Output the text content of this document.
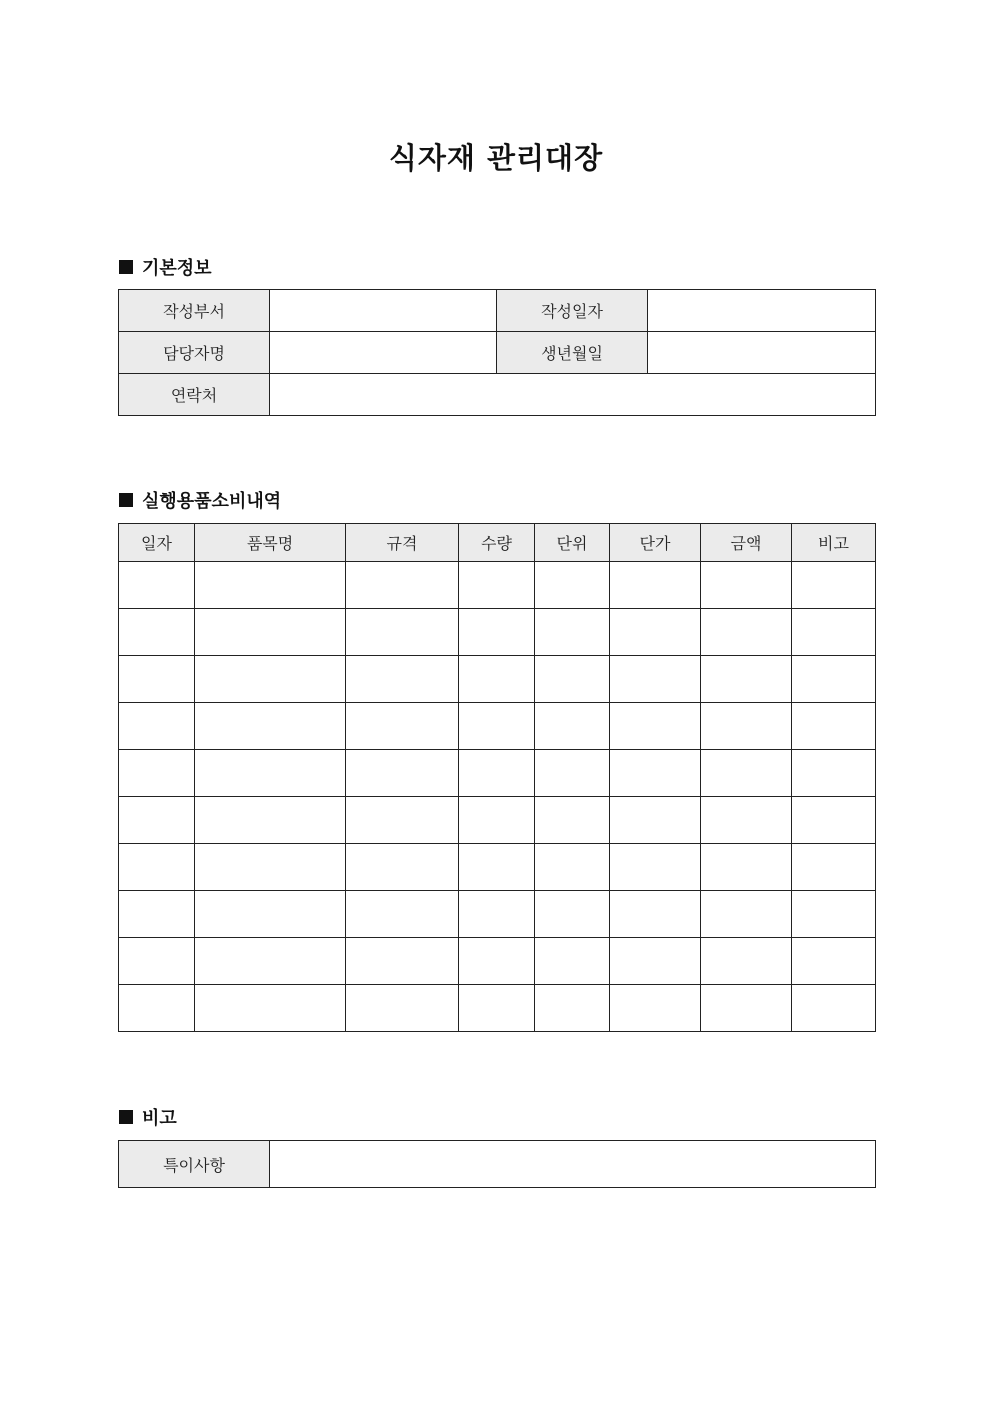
식자재 관리대장
기본정보
작성부서		작성일자	
담당자명		생년월일	
연락처			
실행용품소비내역
일자	품목명	규격	수량	단위	단가	금액	비고

비고
특이사항	
